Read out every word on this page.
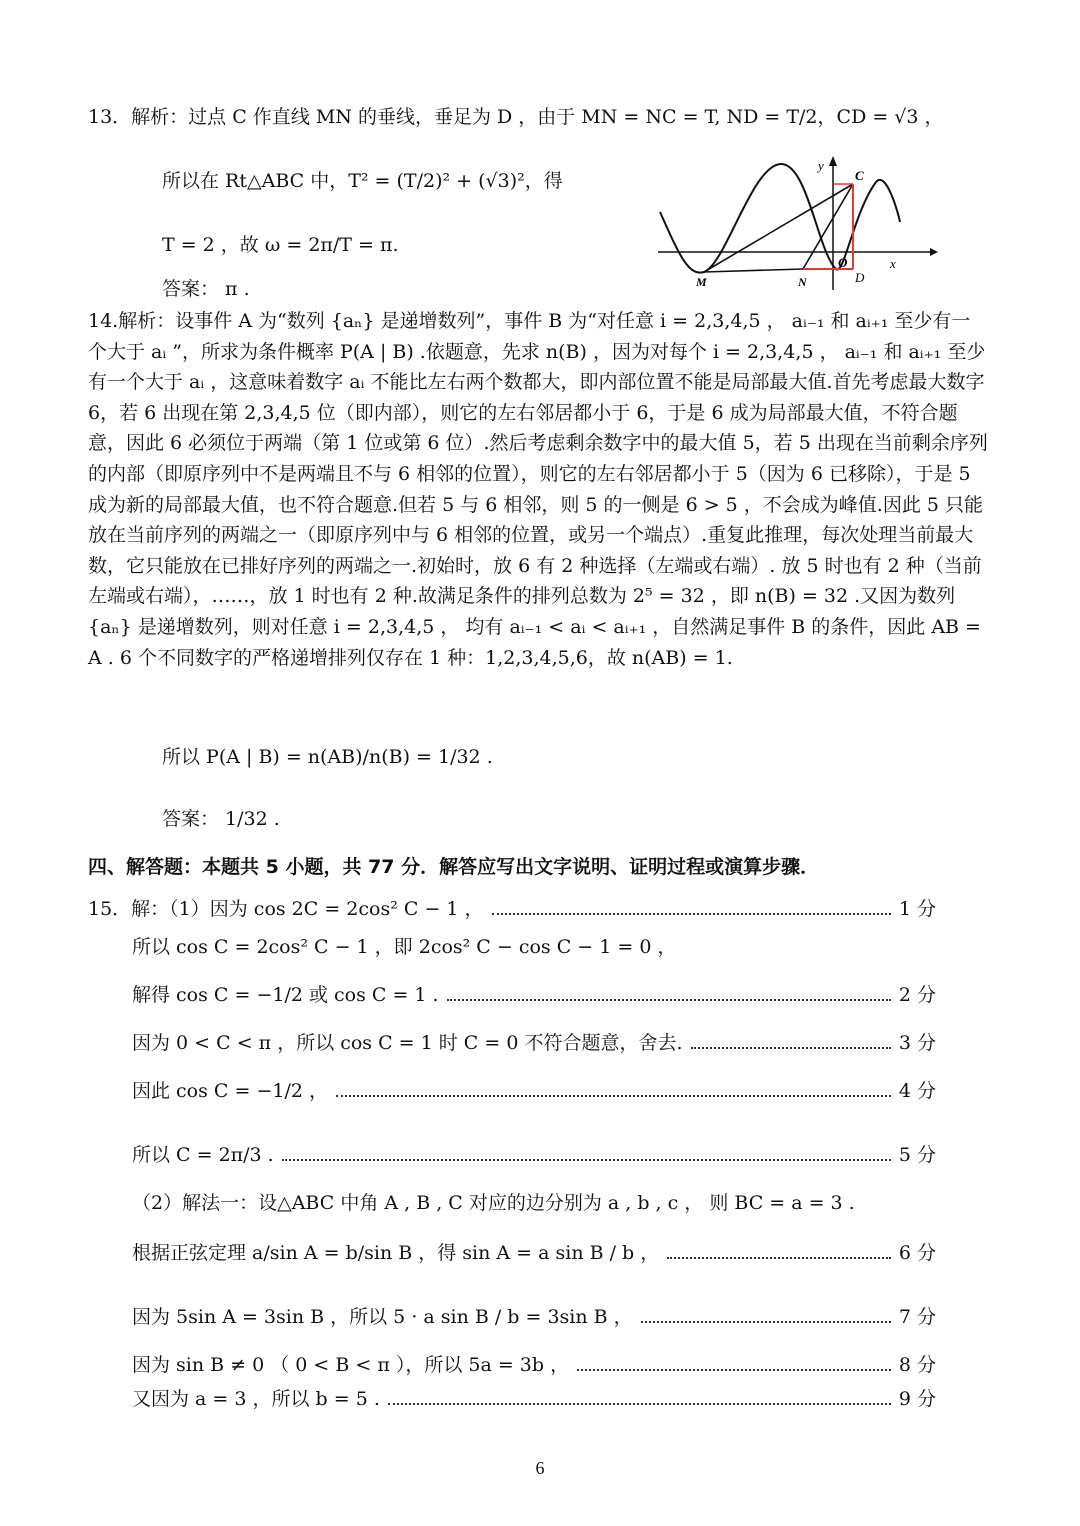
13．解析：过点 C 作直线 MN 的垂线，垂足为 D ，由于 MN = NC = T, ND = T/2，CD = √3 ，
所以在 Rt△ABC 中，T² = (T/2)² + (√3)²，得
T = 2 ，故 ω = 2π/T = π.
答案： π .
y
x
C
O
D
M	N
14.解析：设事件 A 为“数列 {aₙ} 是递增数列”，事件 B 为“对任意 i = 2,3,4,5 ， aᵢ₋₁ 和 aᵢ₊₁ 至少有一个大于 aᵢ ”，所求为条件概率 P(A | B) .依题意，先求 n(B) ，因为对每个 i = 2,3,4,5 ， aᵢ₋₁ 和 aᵢ₊₁ 至少有一个大于 aᵢ ，这意味着数字 aᵢ 不能比左右两个数都大，即内部位置不能是局部最大值.首先考虑最大数字 6，若 6 出现在第 2,3,4,5 位（即内部），则它的左右邻居都小于 6，于是 6 成为局部最大值，不符合题意，因此 6 必须位于两端（第 1 位或第 6 位）.然后考虑剩余数字中的最大值 5，若 5 出现在当前剩余序列的内部（即原序列中不是两端且不与 6 相邻的位置），则它的左右邻居都小于 5（因为 6 已移除），于是 5 成为新的局部最大值，也不符合题意.但若 5 与 6 相邻，则 5 的一侧是 6 > 5 ，不会成为峰值.因此 5 只能放在当前序列的两端之一（即原序列中与 6 相邻的位置，或另一个端点）.重复此推理，每次处理当前最大数，它只能放在已排好序列的两端之一.初始时，放 6 有 2 种选择（左端或右端）. 放 5 时也有 2 种（当前左端或右端），……，放 1 时也有 2 种.故满足条件的排列总数为 2⁵ = 32 ，即 n(B) = 32 .又因为数列 {aₙ} 是递增数列，则对任意 i = 2,3,4,5 ， 均有 aᵢ₋₁ < aᵢ < aᵢ₊₁ ，自然满足事件 B 的条件，因此 AB = A . 6 个不同数字的严格递增排列仅存在 1 种：1,2,3,4,5,6，故 n(AB) = 1.
所以 P(A | B) = n(AB)/n(B) = 1/32 .
答案： 1/32 .
四、解答题：本题共 5 小题，共 77 分．解答应写出文字说明、证明过程或演算步骤．
15．解：（1）因为 cos 2C = 2cos² C − 1 ，	1 分
所以 cos C = 2cos² C − 1 ，即 2cos² C − cos C − 1 = 0 ，
解得 cos C = −1/2 或 cos C = 1 .	2 分
因为 0 < C < π ，所以 cos C = 1 时 C = 0 不符合题意，舍去.	3 分
因此 cos C = −1/2 ，	4 分
所以 C = 2π/3 .	5 分
（2）解法一：设△ABC 中角 A , B , C 对应的边分别为 a , b , c ， 则 BC = a = 3 .
根据正弦定理 a/sin A = b/sin B ，得 sin A = a sin B / b ，	6 分
因为 5sin A = 3sin B ，所以 5 · a sin B / b = 3sin B ，	7 分
因为 sin B ≠ 0 （ 0 < B < π ），所以 5a = 3b ，	8 分
又因为 a = 3 ，所以 b = 5 .	9 分
6
